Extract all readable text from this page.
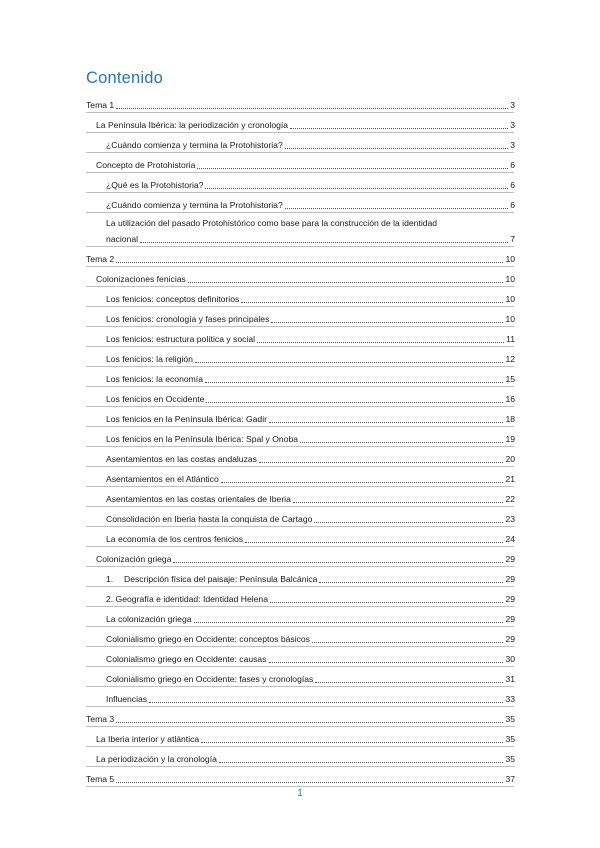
Contenido
Tema 1	3
La Península Ibérica: la periodización y cronología	3
¿Cuándo comienza y termina la Protohistoria?	3
Concepto de Protohistoria	6
¿Qué es la Protohistoria?	6
¿Cuándo comienza y termina la Protohistoria?	6
La utilización del pasado Protohistórico como base para la construcción de la identidad
nacional	7
Tema 2	10
Colonizaciones fenicias	10
Los fenicios: conceptos definitorios	10
Los fenicios: cronología y fases principales	10
Los fenicios: estructura política y social	11
Los fenicios: la religión	12
Los fenicios: la economía	15
Los fenicios en Occidente	16
Los fenicios en la Península Ibérica: Gadir	18
Los fenicios en la Península Ibérica: Spal y Onoba	19
Asentamientos en las costas andaluzas	20
Asentamientos en el Atlántico	21
Asentamientos en las costas orientales de Iberia	22
Consolidación en Iberia hasta la conquista de Cartago	23
La economía de los centros fenicios	24
Colonización griega	29
1. Descripción física del paisaje: Península Balcánica	29
2. Geografía e identidad: Identidad Helena	29
La colonización griega	29
Colonialismo griego en Occidente: conceptos básicos	29
Colonialismo griego en Occidente: causas	30
Colonialismo griego en Occidente: fases y cronologías	31
Influencias	33
Tema 3	35
La Iberia interior y atlántica	35
La periodización y la cronología	35
Tema 5	37
1
